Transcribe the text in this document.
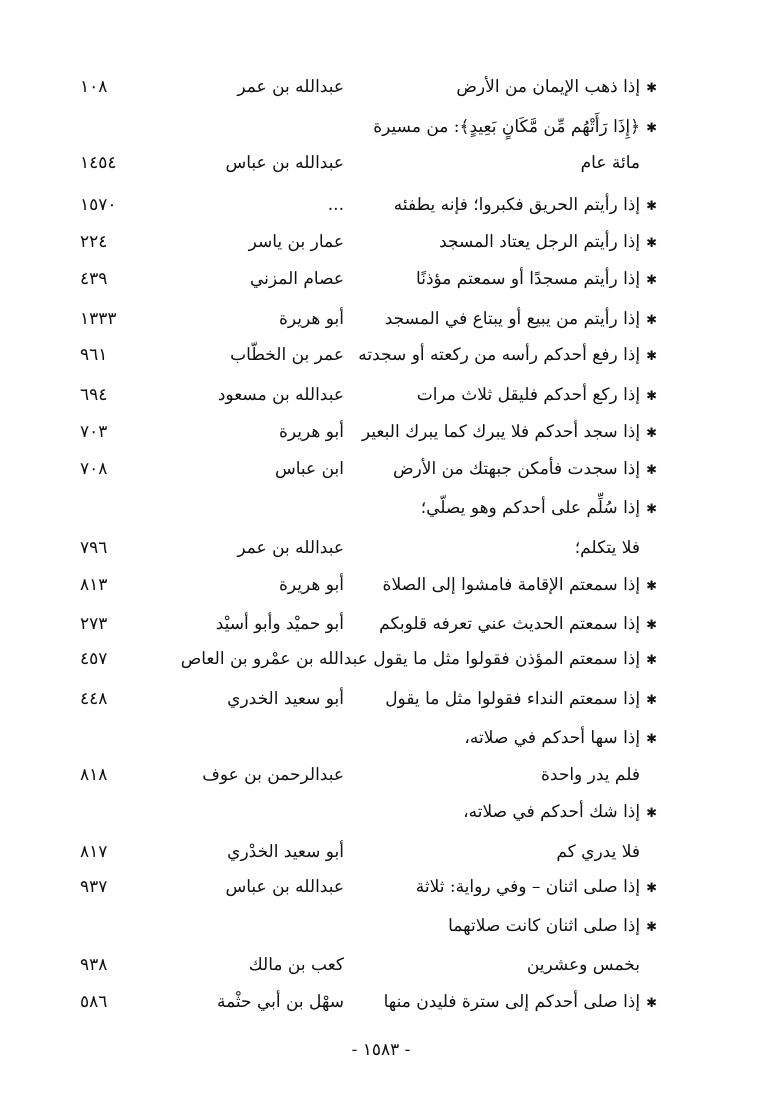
✱إذا ذهب الإيمان من الأرض
عبدالله بن عمر
١٠٨
✱﴿إِذَا رَأَتْهُم مِّن مَّكَانٍ بَعِيدٍ﴾: من مسيرة
مائة عام
عبدالله بن عباس
١٤٥٤
✱إذا رأيتم الحريق فكبروا؛ فإنه يطفئه
...
١٥٧٠
✱إذا رأيتم الرجل يعتاد المسجد
عمار بن ياسر
٢٢٤
✱إذا رأيتم مسجدًا أو سمعتم مؤذنًا
عصام المزني
٤٣٩
✱إذا رأيتم من يبيع أو يبتاع في المسجد
أبو هريرة
١٣٣٣
✱إذا رفع أحدكم رأسه من ركعته أو سجدته
عمر بن الخطّاب
٩٦١
✱إذا ركع أحدكم فليقل ثلاث مرات
عبدالله بن مسعود
٦٩٤
✱إذا سجد أحدكم فلا يبرك كما يبرك البعير
أبو هريرة
٧٠٣
✱إذا سجدت فأمكن جبهتك من الأرض
ابن عباس
٧٠٨
✱إذا سُلِّم على أحدكم وهو يصلّي؛
فلا يتكلم؛
عبدالله بن عمر
٧٩٦
✱إذا سمعتم الإقامة فامشوا إلى الصلاة
أبو هريرة
٨١٣
✱إذا سمعتم الحديث عني تعرفه قلوبكم
أبو حميْد وأبو أسيْد
٢٧٣
✱إذا سمعتم المؤذن فقولوا مثل ما يقول عبدالله بن عمْرو بن العاص
٤٥٧
✱إذا سمعتم النداء فقولوا مثل ما يقول
أبو سعيد الخدري
٤٤٨
✱إذا سها أحدكم في صلاته،
فلم يدر واحدة
عبدالرحمن بن عوف
٨١٨
✱إذا شك أحدكم في صلاته،
فلا يدري كم
أبو سعيد الخدْري
٨١٧
✱إذا صلى اثنان – وفي رواية: ثلاثة
عبدالله بن عباس
٩٣٧
✱إذا صلى اثنان كانت صلاتهما
بخمس وعشرين
كعب بن مالك
٩٣٨
✱إذا صلى أحدكم إلى سترة فليدن منها
سهْل بن أبي حثْمة
٥٨٦
- ١٥٨٣ -
